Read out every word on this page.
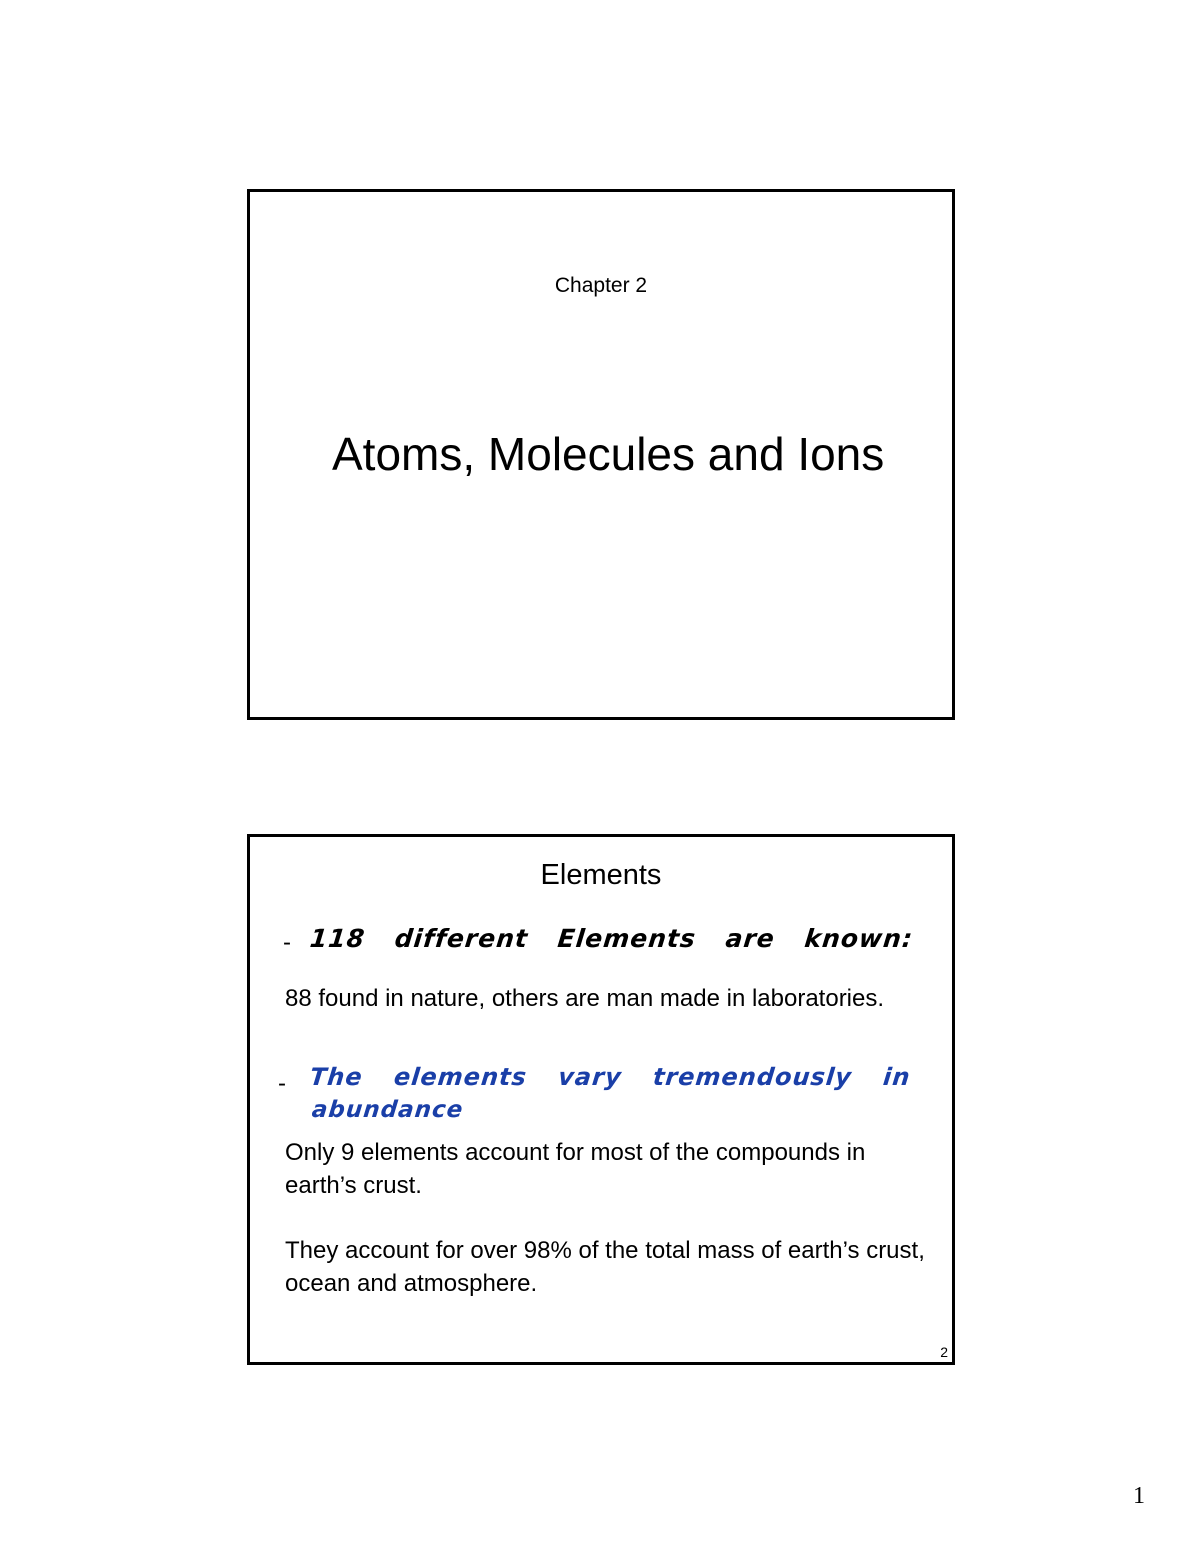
Chapter 2
Atoms, Molecules and Ions
Elements
- 118 different Elements are known:
88 found in nature, others are man made in laboratories.
- The elements vary tremendously in
abundance
Only 9 elements account for most of the compounds in earth’s crust.
They account for over 98% of the total mass of earth’s crust, ocean and atmosphere.
2
1
